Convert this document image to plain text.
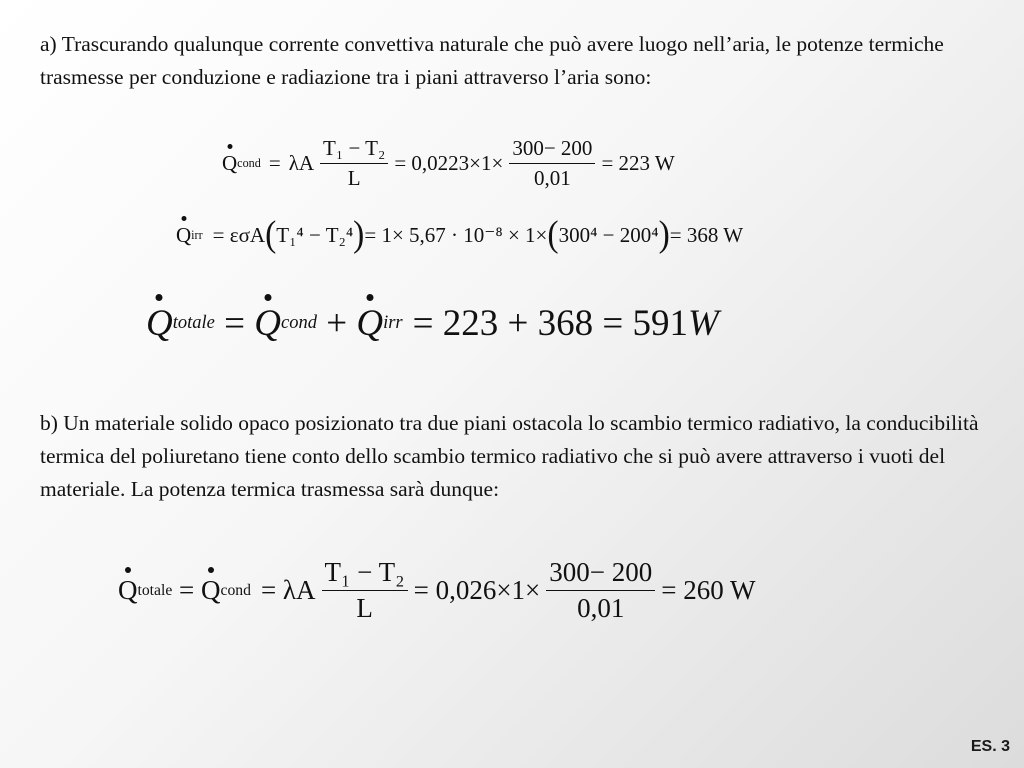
a) Trascurando qualunque corrente convettiva naturale che può avere luogo nell’aria, le potenze termiche trasmesse per conduzione e radiazione tra i piani attraverso l’aria sono:

Q cond = λA $\frac{\text{T₁ − T₂}}{L} = 0,0223\times 1\times \frac{300- 200}{0,01} = 223$ W
Q irr = εσA ( T₁⁴ − T₂⁴ ) = 1× 5,67 · 10⁻⁸ × 1× ( 300⁴ − 200⁴ ) = 368 W
Q totale = Q cond + Q irr = 223 + 368 = 591 W

b) Un materiale solido opaco posizionato tra due piani ostacola lo scambio termico radiativo, la conducibilità termica del poliuretano tiene conto dello scambio termico radiativo che si può avere attraverso i vuoti del materiale. La potenza termica trasmessa sarà dunque:

Q totale = Q cond = λA $\frac{\text{T₁ − T₂}}{L} = 0,026\times 1\times \frac{300- 200}{0,01} = 260$ W
ES. 3
